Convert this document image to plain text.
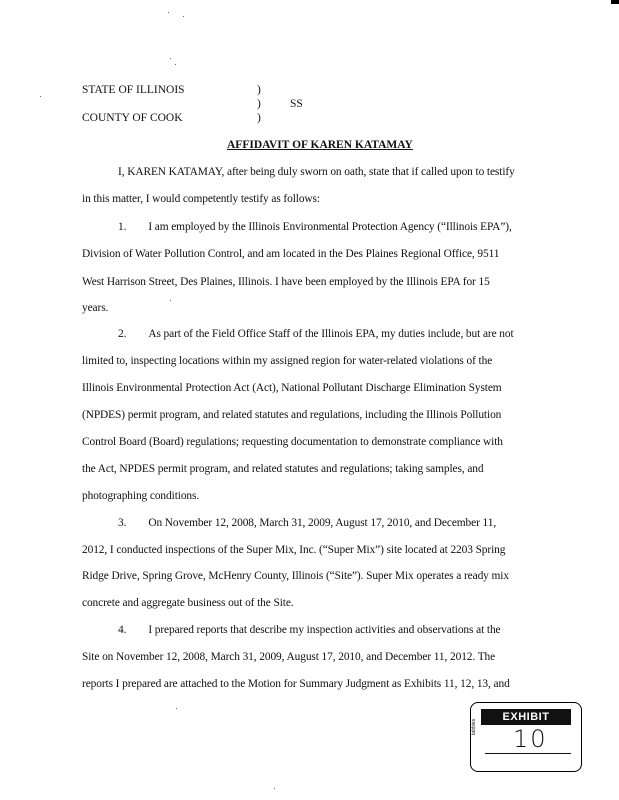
STATE OF ILLINOIS	)
)	SS
COUNTY OF COOK	)
AFFIDAVIT OF KAREN KATAMAY
I, KAREN KATAMAY, after being duly sworn on oath, state that if called upon to testify
in this matter, I would competently testify as follows:
1.        I am employed by the Illinois Environmental Protection Agency (“Illinois EPA”),
Division of Water Pollution Control, and am located in the Des Plaines Regional Office, 9511
West Harrison Street, Des Plaines, Illinois. I have been employed by the Illinois EPA for 15
years.
2.        As part of the Field Office Staff of the Illinois EPA, my duties include, but are not
limited to, inspecting locations within my assigned region for water-related violations of the
Illinois Environmental Protection Act (Act), National Pollutant Discharge Elimination System
(NPDES) permit program, and related statutes and regulations, including the Illinois Pollution
Control Board (Board) regulations; requesting documentation to demonstrate compliance with
the Act, NPDES permit program, and related statutes and regulations; taking samples, and
photographing conditions.
3.        On November 12, 2008, March 31, 2009, August 17, 2010, and December 11,
2012, I conducted inspections of the Super Mix, Inc. (“Super Mix”) site located at 2203 Spring
Ridge Drive, Spring Grove, McHenry County, Illinois (“Site”). Super Mix operates a ready mix
concrete and aggregate business out of the Site.
4.        I prepared reports that describe my inspection activities and observations at the
Site on November 12, 2008, March 31, 2009, August 17, 2010, and December 11, 2012. The
reports I prepared are attached to the Motion for Summary Judgment as Exhibits 11, 12, 13, and
EXHIBIT
tabbies 10
